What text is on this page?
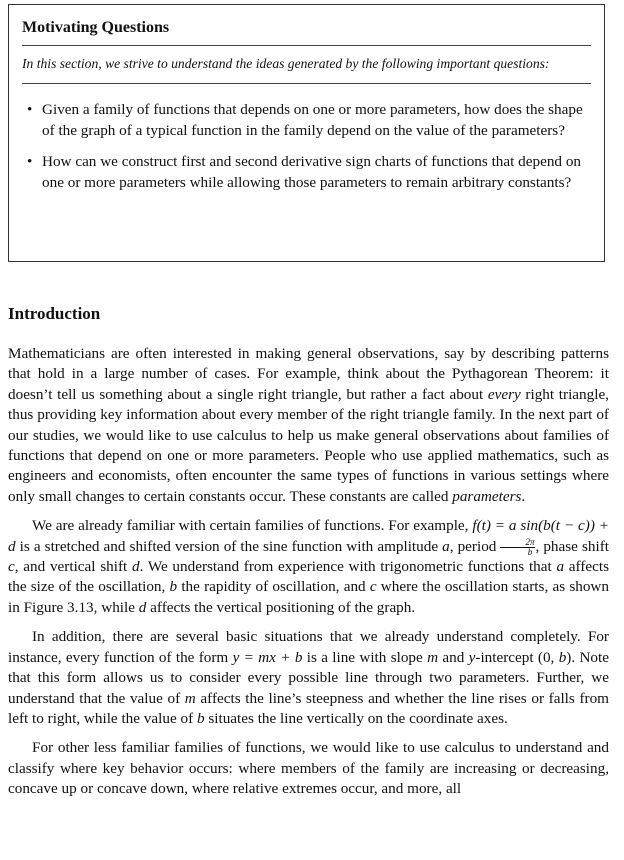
Motivating Questions

In this section, we strive to understand the ideas generated by the following important questions:

• Given a family of functions that depends on one or more parameters, how does the shape of the graph of a typical function in the family depend on the value of the parameters?
• How can we construct first and second derivative sign charts of functions that depend on one or more parameters while allowing those parameters to remain arbitrary constants?
Introduction

Mathematicians are often interested in making general observations, say by describing patterns that hold in a large number of cases. For example, think about the Pythagorean Theorem: it doesn’t tell us something about a single right triangle, but rather a fact about every right triangle, thus providing key information about every member of the right triangle family. In the next part of our studies, we would like to use calculus to help us make general observations about families of functions that depend on one or more parameters. People who use applied mathematics, such as engineers and economists, often encounter the same types of functions in various settings where only small changes to certain constants occur. These constants are called parameters.

We are already familiar with certain families of functions. For example, f(t) = a sin(b(t − c)) + d is a stretched and shifted version of the sine function with amplitude a, period $\frac{2\pi}{b}$ , phase shift c, and vertical shift d. We understand from experience with trigonometric functions that a affects the size of the oscillation, b the rapidity of oscillation, and c where the oscillation starts, as shown in Figure 3.13, while d affects the vertical positioning of the graph.

In addition, there are several basic situations that we already understand completely. For instance, every function of the form y = mx + b is a line with slope m and y-intercept (0, b). Note that this form allows us to consider every possible line through two parameters. Further, we understand that the value of m affects the line’s steepness and whether the line rises or falls from left to right, while the value of b situates the line vertically on the coordinate axes.

For other less familiar families of functions, we would like to use calculus to understand and classify where key behavior occurs: where members of the family are increasing or decreasing, concave up or concave down, where relative extremes occur, and more, all
